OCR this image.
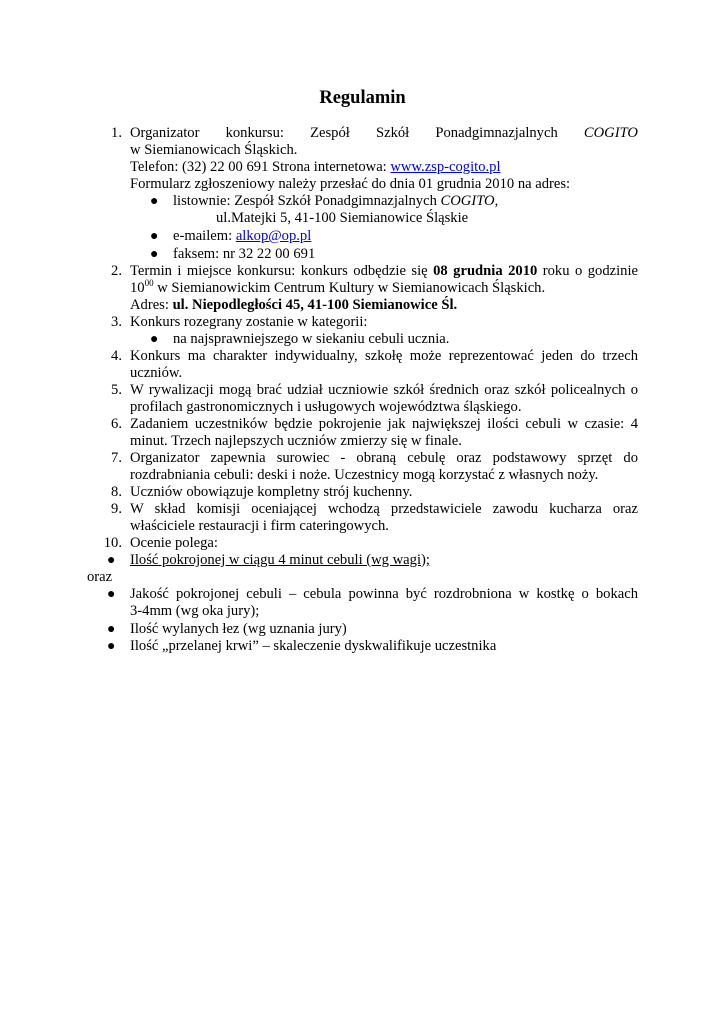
Regulamin
1. Organizator konkursu: Zespół Szkół Ponadgimnazjalnych COGITO
w Siemianowicach Śląskich.
Telefon: (32) 22 00 691 Strona internetowa: www.zsp-cogito.pl
Formularz zgłoszeniowy należy przesłać do dnia 01 grudnia 2010 na adres:
● listownie: Zespół Szkół Ponadgimnazjalnych COGITO,
ul.Matejki 5, 41-100 Siemianowice Śląskie
● e-mailem: alkop@op.pl
● faksem: nr 32 22 00 691
2. Termin i miejsce konkursu: konkurs odbędzie się 08 grudnia 2010 roku o godzinie
$10^{00}$ w Siemianowickim Centrum Kultury w Siemianowicach Śląskich.
Adres: ul. Niepodległości 45, 41-100 Siemianowice Śl.
3. Konkurs rozegrany zostanie w kategorii:
● na najsprawniejszego w siekaniu cebuli ucznia.
4. Konkurs ma charakter indywidualny, szkołę może reprezentować jeden do trzech
uczniów.
5. W rywalizacji mogą brać udział uczniowie szkół średnich oraz szkół policealnych o
profilach gastronomicznych i usługowych województwa śląskiego.
6. Zadaniem uczestników będzie pokrojenie jak największej ilości cebuli w czasie: 4
minut. Trzech najlepszych uczniów zmierzy się w finale.
7. Organizator zapewnia surowiec - obraną cebulę oraz podstawowy sprzęt do
rozdrabniania cebuli: deski i noże. Uczestnicy mogą korzystać z własnych noży.
8. Uczniów obowiązuje kompletny strój kuchenny.
9. W skład komisji oceniającej wchodzą przedstawiciele zawodu kucharza oraz
właściciele restauracji i firm cateringowych.
10. Ocenie polega:
● Ilość pokrojonej w ciągu 4 minut cebuli (wg wagi);
oraz
● Jakość pokrojonej cebuli – cebula powinna być rozdrobniona w kostkę o bokach
3-4mm (wg oka jury);
● Ilość wylanych łez (wg uznania jury)
● Ilość „przelanej krwi” – skaleczenie dyskwalifikuje uczestnika
